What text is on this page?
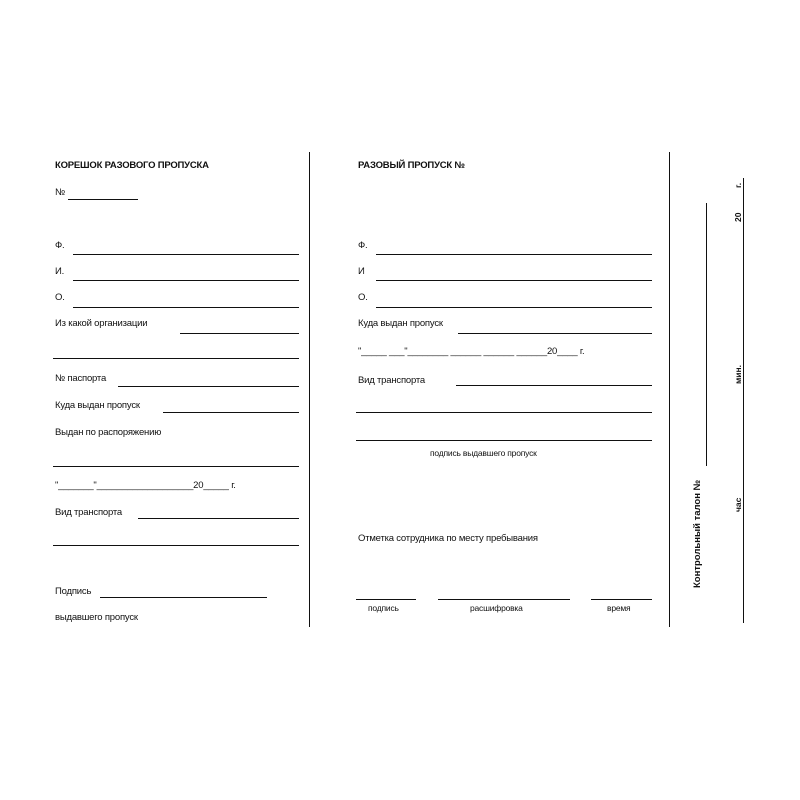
КОРЕШОК РАЗОВОГО ПРОПУСКА
№
Ф.
И.
О.
Из какой организации
№ паспорта
Куда выдан пропуск
Выдан по распоряжению
"__ _____"___________________20_____ г.
Вид транспорта
Подпись
выдавшего пропуск
РАЗОВЫЙ ПРОПУСК №
Ф.
И
О.
Куда выдан пропуск
"_____ ___"________ ______ ______ ______20____ г.
Вид транспорта
подпись выдавшего пропуск
Отметка сотрудника по месту пребывания
подпись	расшифровка	время
Контрольный талон №
г.
20
мин.
час
